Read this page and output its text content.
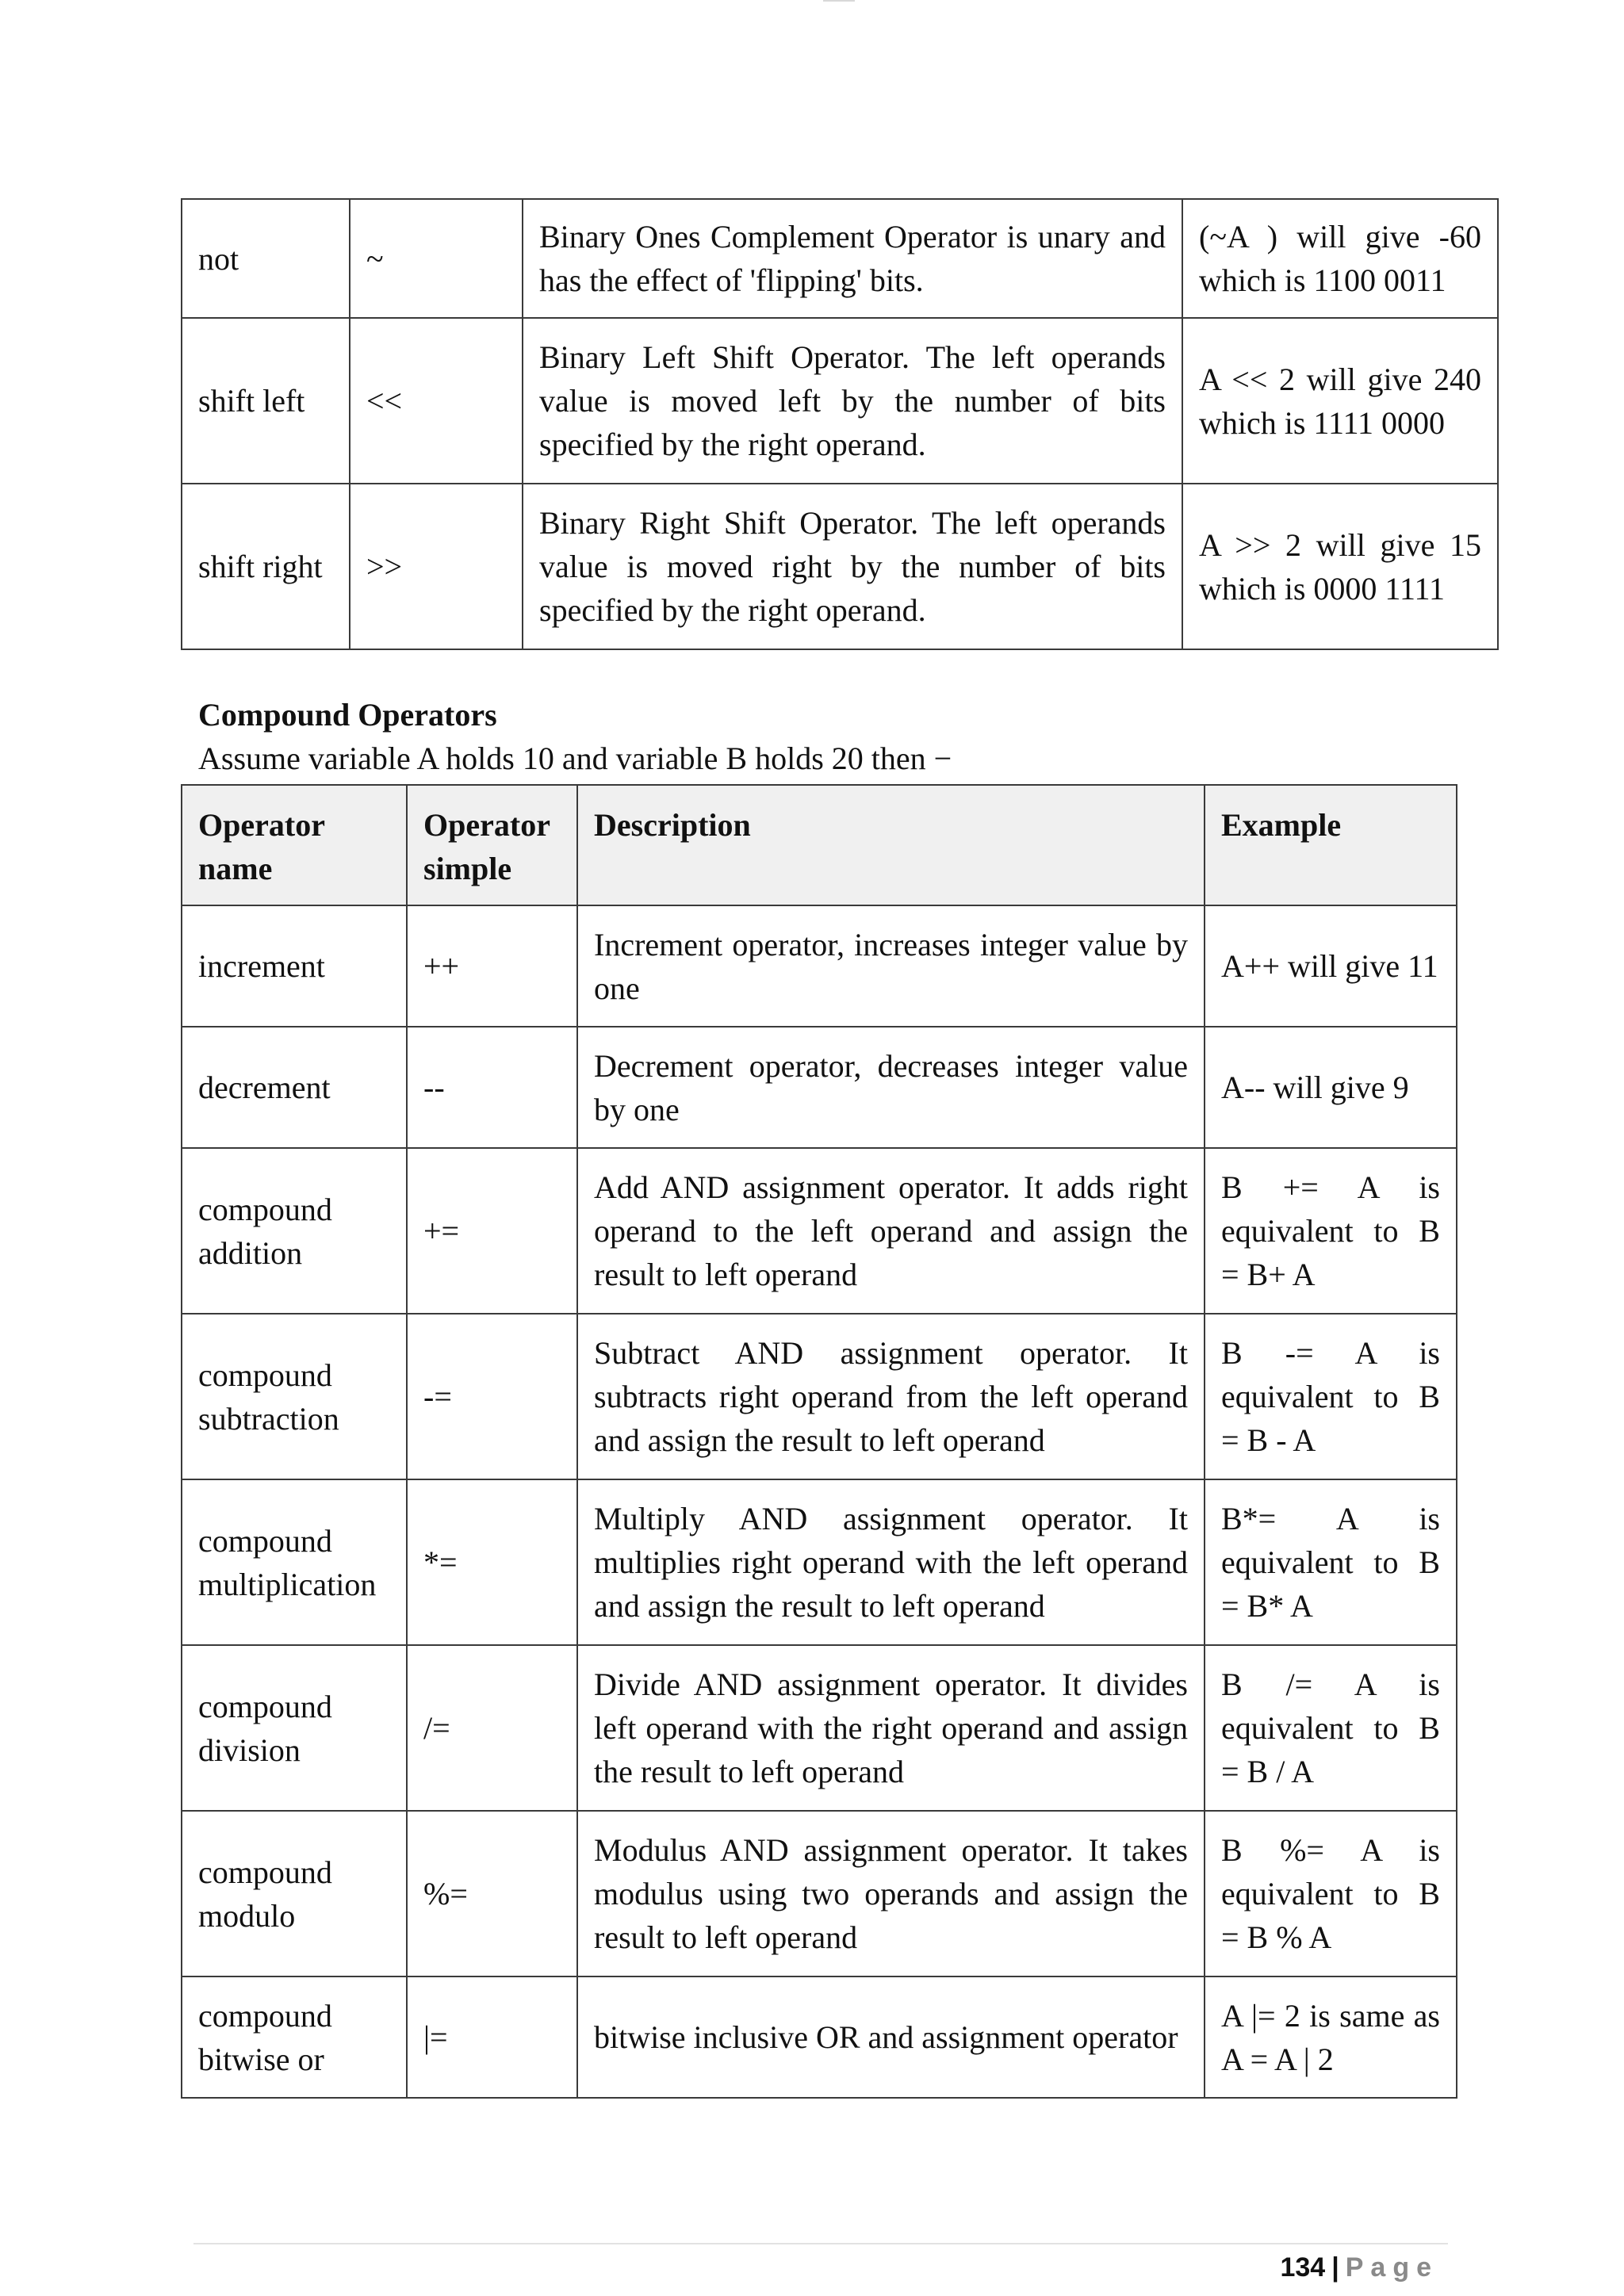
not	~	Binary Ones Complement Operator is unary and has the effect of 'flipping' bits.	(~A ) will give -60 which is 1100 0011
shift left	<<	Binary Left Shift Operator. The left operands value is moved left by the number of bits specified by the right operand.	A << 2 will give 240 which is 1111 0000
shift right	>>	Binary Right Shift Operator. The left operands value is moved right by the number of bits specified by the right operand.	A >> 2 will give 15 which is 0000 1111
Compound Operators
Assume variable A holds 10 and variable B holds 20 then −
Operator name	Operator simple	Description	Example
increment	++	Increment operator, increases integer value by one	A++ will give 11
decrement	--	Decrement operator, decreases integer value by one	A-- will give 9
compound addition	+=	Add AND assignment operator. It adds right operand to the left operand and assign the result to left operand	B += A is equivalent to B = B+ A
compound subtraction	-=	Subtract AND assignment operator. It subtracts right operand from the left operand and assign the result to left operand	B -= A is equivalent to B = B - A
compound multiplication	*=	Multiply AND assignment operator. It multiplies right operand with the left operand and assign the result to left operand	B*= A is equivalent to B = B* A
compound division	/=	Divide AND assignment operator. It divides left operand with the right operand and assign the result to left operand	B /= A is equivalent to B = B / A
compound modulo	%=	Modulus AND assignment operator. It takes modulus using two operands and assign the result to left operand	B %= A is equivalent to B = B % A
compound bitwise or	|=	bitwise inclusive OR and assignment operator	A |= 2 is same as A = A | 2
134 | Page
